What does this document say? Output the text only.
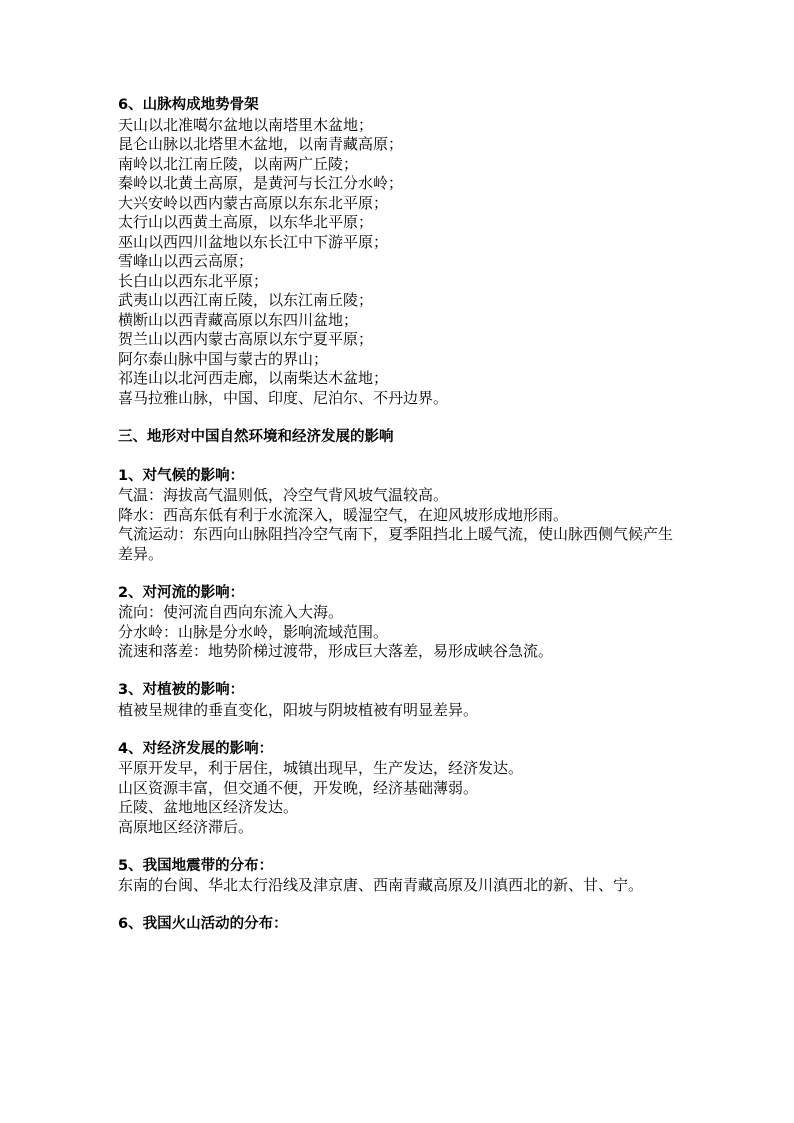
6、山脉构成地势骨架

天山以北准噶尔盆地以南塔里木盆地；

昆仑山脉以北塔里木盆地，以南青藏高原；

南岭以北江南丘陵，以南两广丘陵；

秦岭以北黄土高原，是黄河与长江分水岭；

大兴安岭以西内蒙古高原以东东北平原；

太行山以西黄土高原，以东华北平原；

巫山以西四川盆地以东长江中下游平原；

雪峰山以西云高原；

长白山以西东北平原；

武夷山以西江南丘陵，以东江南丘陵；

横断山以西青藏高原以东四川盆地；

贺兰山以西内蒙古高原以东宁夏平原；

阿尔泰山脉中国与蒙古的界山；

祁连山以北河西走廊，以南柴达木盆地；

喜马拉雅山脉，中国、印度、尼泊尔、不丹边界。

三、地形对中国自然环境和经济发展的影响

1、对气候的影响：

气温：海拔高气温则低，冷空气背风坡气温较高。

降水：西高东低有利于水流深入，暖湿空气，在迎风坡形成地形雨。

气流运动：东西向山脉阻挡冷空气南下，夏季阻挡北上暖气流，使山脉西侧气候产生差异。

2、对河流的影响：

流向：使河流自西向东流入大海。

分水岭：山脉是分水岭，影响流域范围。

流速和落差：地势阶梯过渡带，形成巨大落差，易形成峡谷急流。

3、对植被的影响：

植被呈规律的垂直变化，阳坡与阴坡植被有明显差异。

4、对经济发展的影响：

平原开发早，利于居住，城镇出现早，生产发达，经济发达。

山区资源丰富，但交通不便，开发晚，经济基础薄弱。

丘陵、盆地地区经济发达。

高原地区经济滞后。

5、我国地震带的分布：

东南的台闽、华北太行沿线及津京唐、西南青藏高原及川滇西北的新、甘、宁。

6、我国火山活动的分布：
